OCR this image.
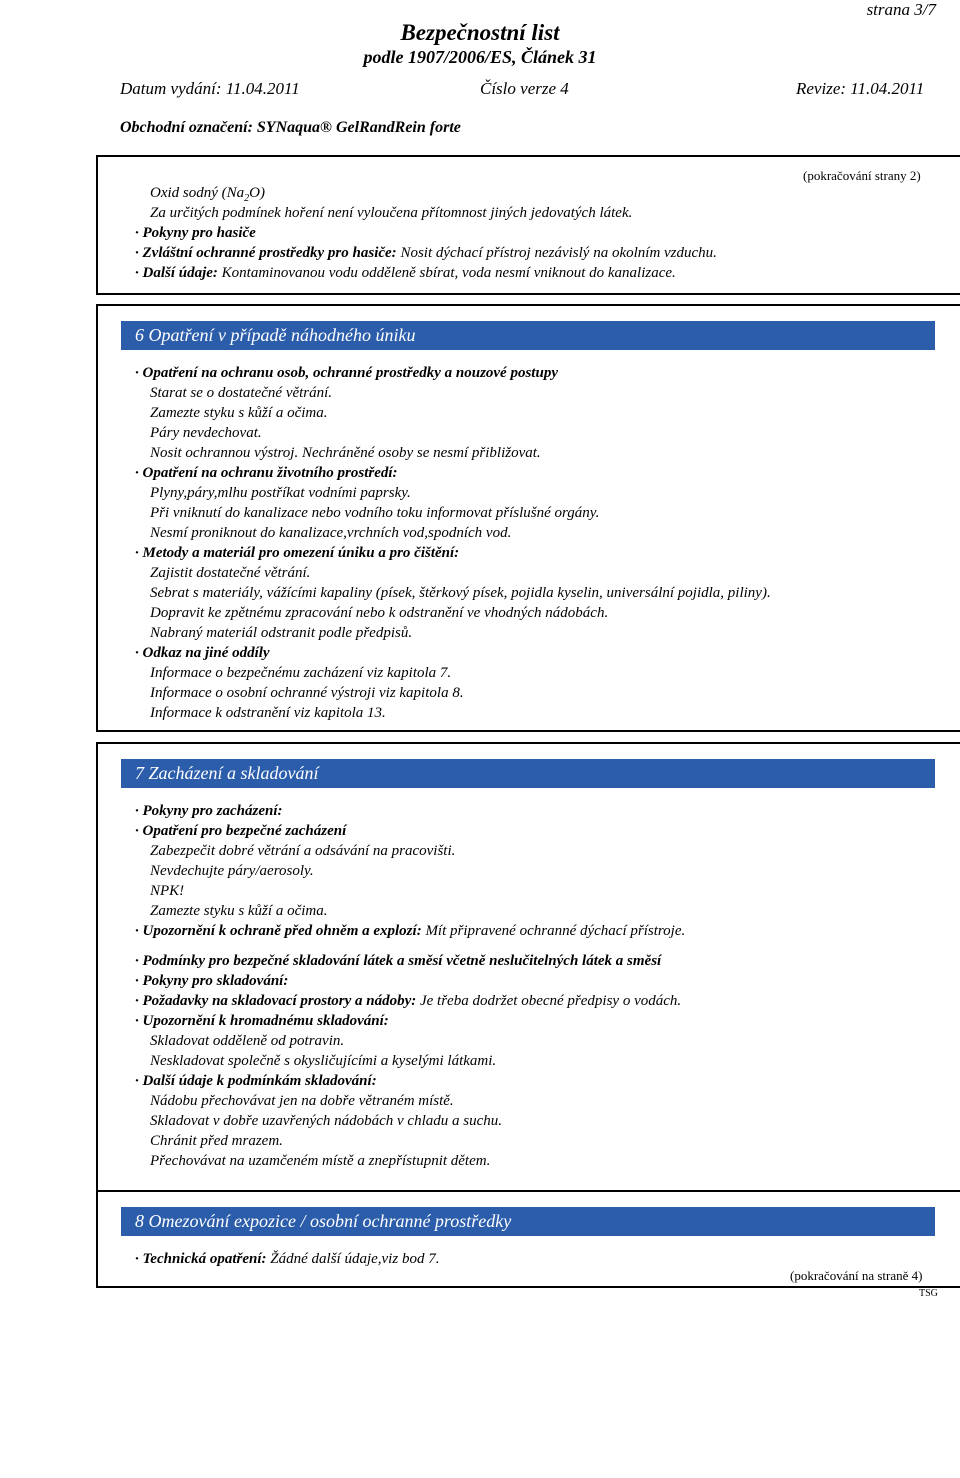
strana 3/7
Bezpečnostní list
podle 1907/2006/ES, Článek 31
Datum vydání: 11.04.2011	Číslo verze 4	Revize: 11.04.2011
Obchodní označení: SYNaqua® GelRandRein forte
(pokračování strany 2)
Oxid sodný $(Na_2O)$
Za určitých podmínek hoření není vyloučena přítomnost jiných jedovatých látek.
· Pokyny pro hasiče
· Zvláštní ochranné prostředky pro hasiče: Nosit dýchací přístroj nezávislý na okolním vzduchu.
· Další údaje: Kontaminovanou vodu odděleně sbírat, voda nesmí vniknout do kanalizace.
6 Opatření v případě náhodného úniku
· Opatření na ochranu osob, ochranné prostředky a nouzové postupy
Starat se o dostatečné větrání.
Zamezte styku s kůží a očima.
Páry nevdechovat.
Nosit ochrannou výstroj. Nechráněné osoby se nesmí přibližovat.
· Opatření na ochranu životního prostředí:
Plyny,páry,mlhu postříkat vodními paprsky.
Při vniknutí do kanalizace nebo vodního toku informovat příslušné orgány.
Nesmí proniknout do kanalizace,vrchních vod,spodních vod.
· Metody a materiál pro omezení úniku a pro čištění:
Zajistit dostatečné větrání.
Sebrat s materiály, vážícími kapaliny (písek, štěrkový písek, pojidla kyselin, universální pojidla, piliny).
Dopravit ke zpětnému zpracování nebo k odstranění ve vhodných nádobách.
Nabraný materiál odstranit podle předpisů.
· Odkaz na jiné oddíly
Informace o bezpečnému zacházení viz kapitola 7.
Informace o osobní ochranné výstroji viz kapitola 8.
Informace k odstranění viz kapitola 13.
7 Zacházení a skladování
· Pokyny pro zacházení:
· Opatření pro bezpečné zacházení
Zabezpečit dobré větrání a odsávání na pracovišti.
Nevdechujte páry/aerosoly.
NPK!
Zamezte styku s kůží a očima.
· Upozornění k ochraně před ohněm a explozí: Mít připravené ochranné dýchací přístroje.
· Podmínky pro bezpečné skladování látek a směsí včetně neslučitelných látek a směsí
· Pokyny pro skladování:
· Požadavky na skladovací prostory a nádoby: Je třeba dodržet obecné předpisy o vodách.
· Upozornění k hromadnému skladování:
Skladovat odděleně od potravin.
Neskladovat společně s okysličujícími a kyselými látkami.
· Další údaje k podmínkám skladování:
Nádobu přechovávat jen na dobře větraném místě.
Skladovat v dobře uzavřených nádobách v chladu a suchu.
Chránit před mrazem.
Přechovávat na uzamčeném místě a znepřístupnit dětem.
8 Omezování expozice / osobní ochranné prostředky
· Technická opatření: Žádné další údaje,viz bod 7.
(pokračování na straně 4)
TSG
